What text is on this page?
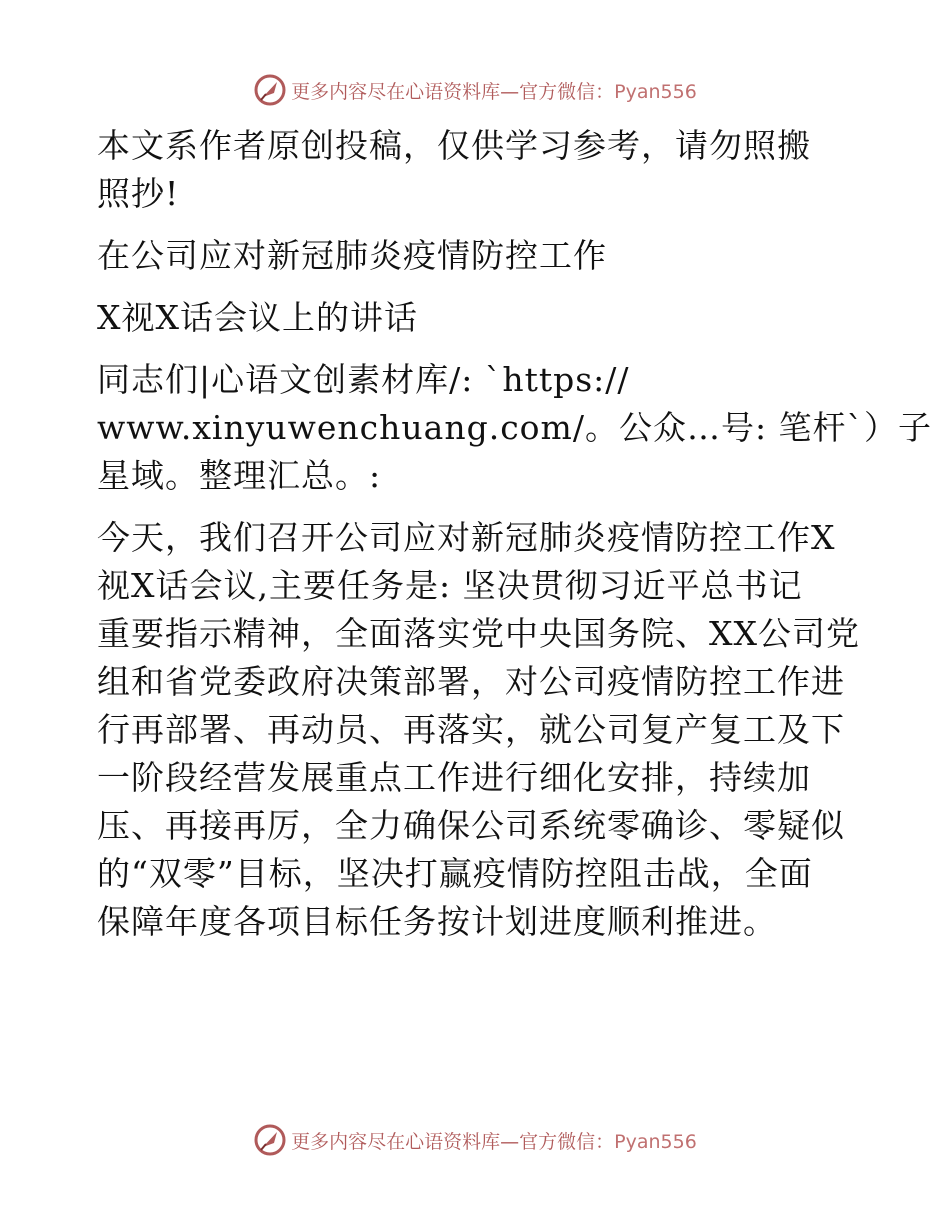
更多内容尽在心语资料库—官方微信：Pyan556
本文系作者原创投稿，仅供学习参考，请勿照搬
照抄!
在公司应对新冠肺炎疫情防控工作
X视X话会议上的讲话
同志们|心语文创素材库/: `https://
www.xinyuwenchuang.com/。公众…号: 笔杆`）子
星域。整理汇总。:
今天，我们召开公司应对新冠肺炎疫情防控工作X
视X话会议,主要任务是: 坚决贯彻习近平总书记
重要指示精神，全面落实党中央国务院、XX公司党
组和省党委政府决策部署，对公司疫情防控工作进
行再部署、再动员、再落实，就公司复产复工及下
一阶段经营发展重点工作进行细化安排，持续加
压、再接再厉，全力确保公司系统零确诊、零疑似
的“双零”目标，坚决打赢疫情防控阻击战，全面
保障年度各项目标任务按计划进度顺利推进。
更多内容尽在心语资料库—官方微信：Pyan556
